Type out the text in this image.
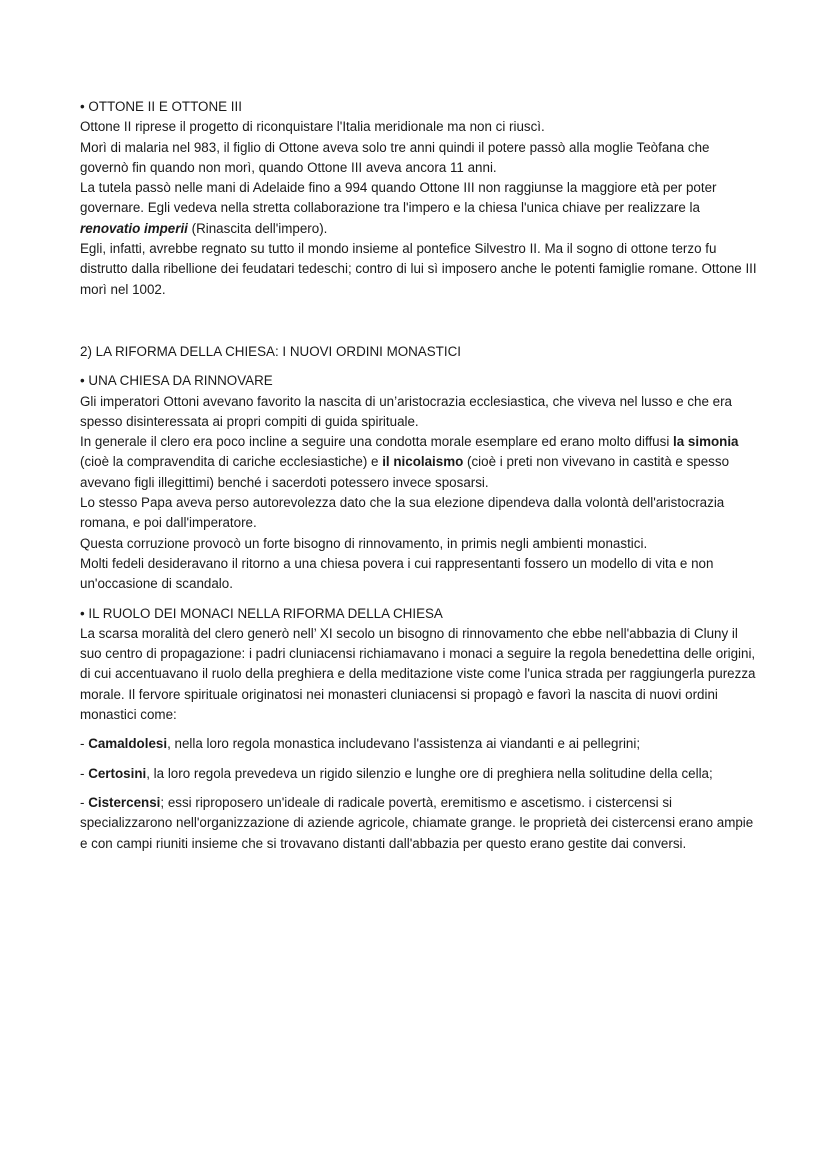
• OTTONE II E OTTONE III

Ottone II riprese il progetto di riconquistare l'Italia meridionale ma non ci riuscì.

Morì di malaria nel 983, il figlio di Ottone aveva solo tre anni quindi il potere passò alla moglie Teòfana che governò fin quando non morì, quando Ottone III aveva ancora 11 anni.

La tutela passò nelle mani di Adelaide fino a 994 quando Ottone III non raggiunse la maggiore età per poter governare. Egli vedeva nella stretta collaborazione tra l'impero e la chiesa l'unica chiave per realizzare la renovatio imperii (Rinascita dell'impero).

Egli, infatti, avrebbe regnato su tutto il mondo insieme al pontefice Silvestro II. Ma il sogno di ottone terzo fu distrutto dalla ribellione dei feudatari tedeschi; contro di lui sì imposero anche le potenti famiglie romane. Ottone III morì nel 1002.

2) LA RIFORMA DELLA CHIESA: I NUOVI ORDINI MONASTICI

• UNA CHIESA DA RINNOVARE

Gli imperatori Ottoni avevano favorito la nascita di un’aristocrazia ecclesiastica, che viveva nel lusso e che era spesso disinteressata ai propri compiti di guida spirituale.

In generale il clero era poco incline a seguire una condotta morale esemplare ed erano molto diffusi la simonia (cioè la compravendita di cariche ecclesiastiche) e il nicolaismo (cioè i preti non vivevano in castità e spesso avevano figli illegittimi) benché i sacerdoti potessero invece sposarsi.

Lo stesso Papa aveva perso autorevolezza dato che la sua elezione dipendeva dalla volontà dell'aristocrazia romana, e poi dall'imperatore.

Questa corruzione provocò un forte bisogno di rinnovamento, in primis negli ambienti monastici.

Molti fedeli desideravano il ritorno a una chiesa povera i cui rappresentanti fossero un modello di vita e non un'occasione di scandalo.

• IL RUOLO DEI MONACI NELLA RIFORMA DELLA CHIESA

La scarsa moralità del clero generò nell’ XI secolo un bisogno di rinnovamento che ebbe nell'abbazia di Cluny il suo centro di propagazione: i padri cluniacensi richiamavano i monaci a seguire la regola benedettina delle origini, di cui accentuavano il ruolo della preghiera e della meditazione viste come l'unica strada per raggiungerla purezza morale. Il fervore spirituale originatosi nei monasteri cluniacensi si propagò e favorì la nascita di nuovi ordini monastici come:

- Camaldolesi, nella loro regola monastica includevano l'assistenza ai viandanti e ai pellegrini;

- Certosini, la loro regola prevedeva un rigido silenzio e lunghe ore di preghiera nella solitudine della cella;

- Cistercensi; essi riproposero un'ideale di radicale povertà, eremitismo e ascetismo. i cistercensi si specializzarono nell'organizzazione di aziende agricole, chiamate grange. le proprietà dei cistercensi erano ampie e con campi riuniti insieme che si trovavano distanti dall'abbazia per questo erano gestite dai conversi.
